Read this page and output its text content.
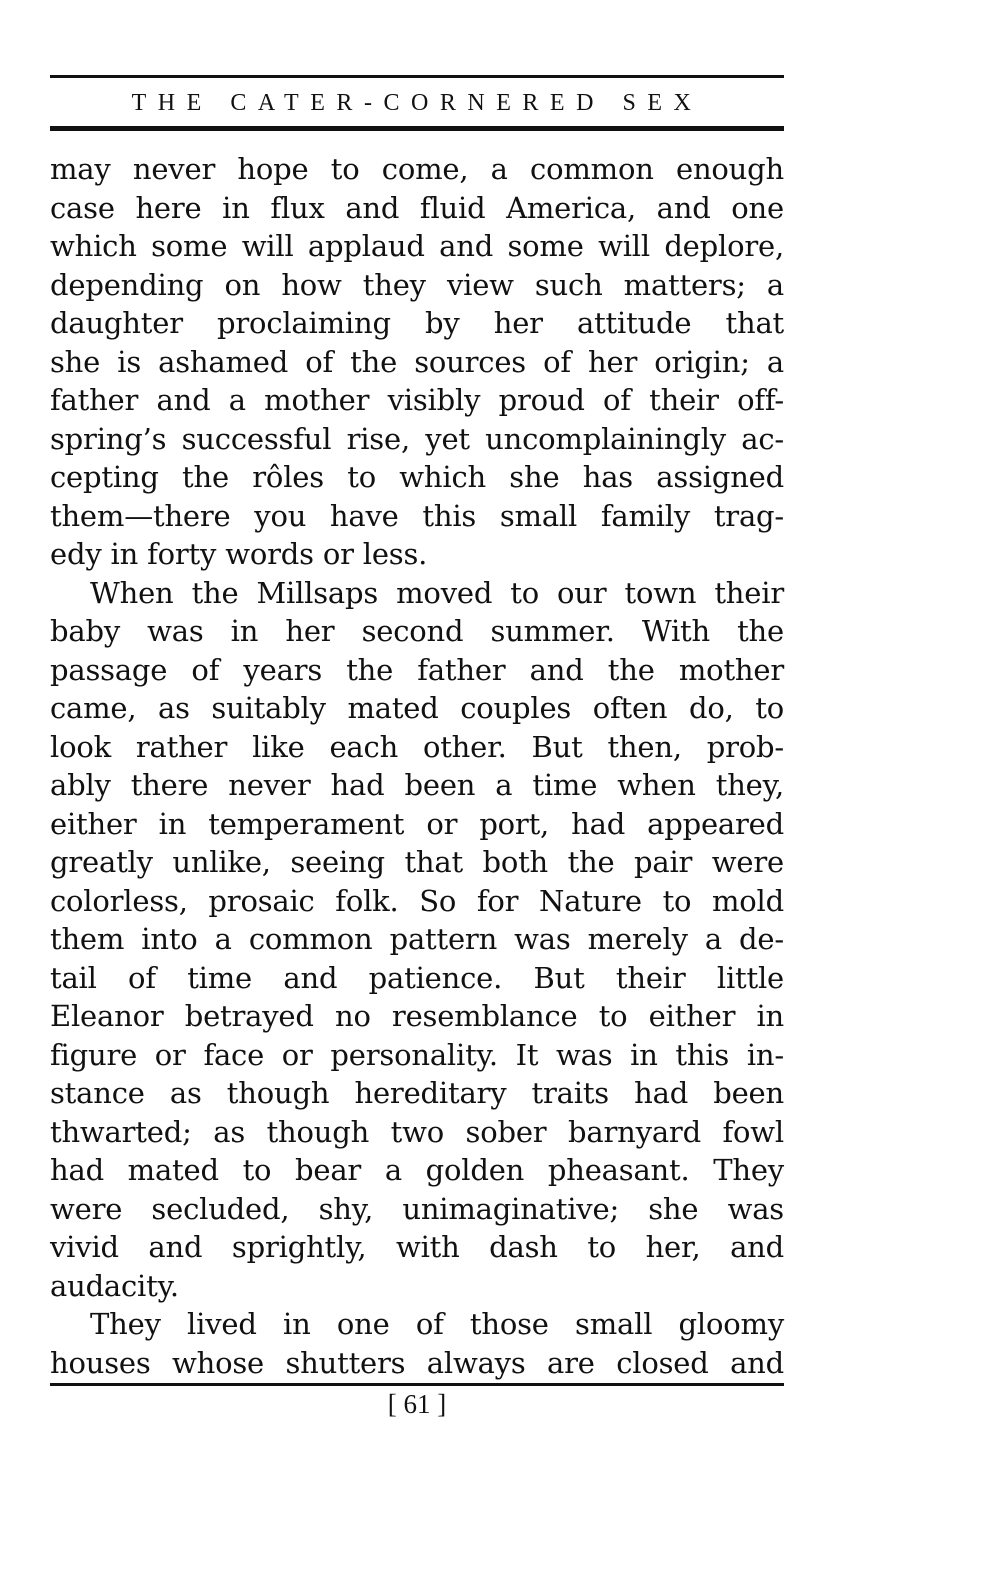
THE CATER-CORNERED SEX
may never hope to come, a common enough
case here in flux and fluid America, and one
which some will applaud and some will deplore,
depending on how they view such matters; a
daughter proclaiming by her attitude that
she is ashamed of the sources of her origin; a
father and a mother visibly proud of their off-
spring’s successful rise, yet uncomplainingly ac-
cepting the rôles to which she has assigned
them—there you have this small family trag-
edy in forty words or less.
When the Millsaps moved to our town their
baby was in her second summer. With the
passage of years the father and the mother
came, as suitably mated couples often do, to
look rather like each other. But then, prob-
ably there never had been a time when they,
either in temperament or port, had appeared
greatly unlike, seeing that both the pair were
colorless, prosaic folk. So for Nature to mold
them into a common pattern was merely a de-
tail of time and patience. But their little
Eleanor betrayed no resemblance to either in
figure or face or personality. It was in this in-
stance as though hereditary traits had been
thwarted; as though two sober barnyard fowl
had mated to bear a golden pheasant. They
were secluded, shy, unimaginative; she was
vivid and sprightly, with dash to her, and
audacity.
They lived in one of those small gloomy
houses whose shutters always are closed and
[ 61 ]
